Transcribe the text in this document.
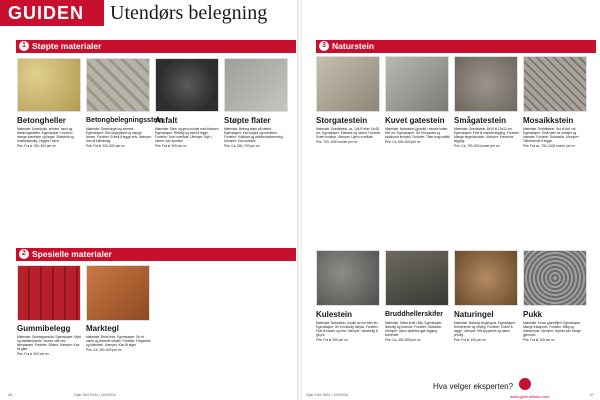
GUIDEN	Utendørs belegning
1 Støpte materialer
Betongheller
Materiale: Sand/pukk, sement, sand og tilsetningsstoffer. Egenskaper: Leveres i mange størrelser og farger. Slitesterk og frostbestandig. Legges i sand.
Pris: Fra kr 150–300 per m²
Betongbelegningsstein
Materiale: Sand/singel og sement. Egenskaper: Stor fargepalett og mange former. Fordeler: Enkelt å legge selv. Ulemper: Kan få kalkutslag.
Pris: Fra kr 200–500 per m²
Asfalt
Materiale: Stein og grus bundet med bitumen. Egenskaper: Rimelig og raskt å legge. Fordeler: Jevn overflate. Ulemper: Myk i varme, kan sprekke.
Pris: Fra kr 300 per m²
Støpte flater
Materiale: Betong støpt på stedet. Egenskaper: Kan farges og mønstres. Fordeler: Holdbart og vedlikeholdsvennlig. Ulemper: Kan sprekke.
Pris: Ca. 500–700 per m²
2 Spesielle materialer
Gummibelegg
Materiale: Gummigranulat. Egenskaper: Mykt og støtdempende, brukes ofte ved lekeplasser. Fordeler: Sikkert. Ulemper: Kan bli glatt.
Pris: Fra kr 400 per m²
Marktegl
Materiale: Brent leire. Egenskaper: Gir et varmt og levende uttrykk. Fordeler: Fargeekte og slitesterk. Ulemper: Kan få alger.
Pris: Ca. 300–600 per m²
46	Gjør Det Selv • 09/2004
3 Naturstein
Storgatestein
Materiale: Granittstein, ca. 14x20 eller 14x30 cm. Egenskaper: Klassisk og robust. Fordeler: Svært holdbar. Ulemper: Ujevn overflate.
Pris: 700–1000 kroner per m²
Kuvet gatestein
Materiale: Naturstein (granitt) i mindre kuber, 9x9 cm. Egenskaper: Gir et klassisk og eksklusivt inntrykk. Fordeler: Tåler tung trafikk.
Pris: Ca. 600–800 per m²
Smågatestein
Materiale: Granittstein, 8x10 til 10x12 cm. Egenskaper: Flott til mønsterlegging. Fordeler: Mange fargevarianter. Ulemper: Krevende legging.
Pris: Ca. 700–800 kroner per m²
Mosaikkstein
Materiale: Granittstein, 4x4 til 6x6 cm. Egenskaper: Små stein for detaljer og mønster. Fordeler: Dekorativt. Ulemper: Tidkrevende å legge.
Pris: Fra ca. 700–1000 kroner per m²
Kulestein
Materiale: Naturstein, rundet av bre eller elv. Egenskaper: Gir et naturlig uttrykk. Fordeler: Flott til kanter og bed. Ulemper: Vanskelig å gå på.
Pris: Fra kr 250 per m²
Bruddhellerskifer
Materiale: Skifer brutt i flak. Egenskaper: Naturlig og levende. Fordeler: Sklisikker. Ulemper: Ujevn tykkelse gjør legging krevende.
Pris: Ca. 400–800 per m²
Naturingel
Materiale: Naturlig singel/grus. Egenskaper: Drenerende og rimelig. Fordeler: Enkelt å legge. Ulemper: Må suppleres og rakes jevnlig.
Pris: Fra kr 100 per m²
Pukk
Materiale: Knust granitt/fjell. Egenskaper: Mange fraksjoner. Fordeler: Billig og drenerende. Ulemper: Ugress kan trenge gjennom.
Pris: Fra kr 100 per m²
Gjør Det Selv • 09/2004	47
Hva velger eksperten?
www.gjoerdetselv.com
